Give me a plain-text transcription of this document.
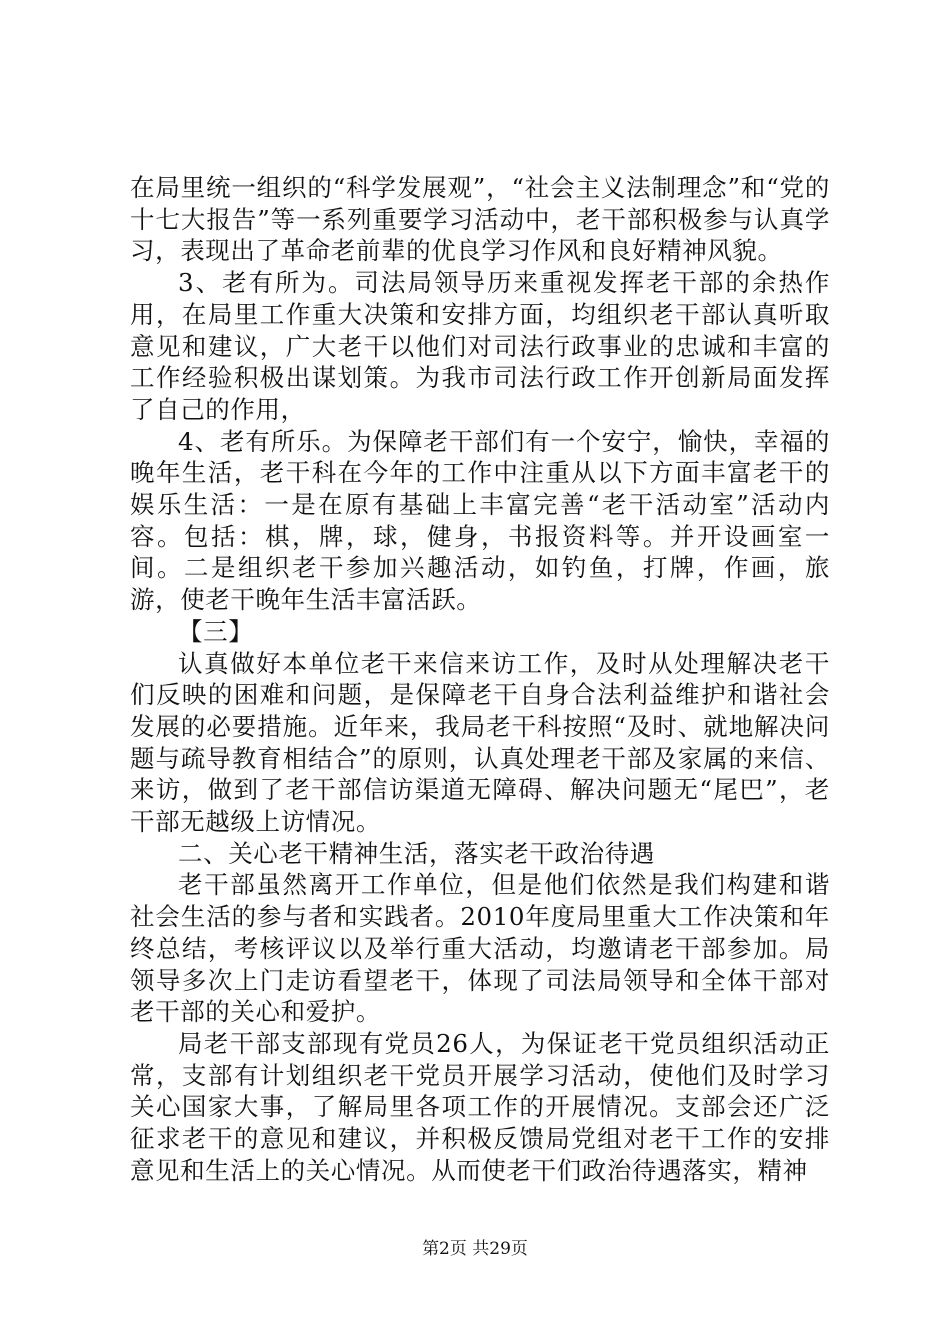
在局里统一组织的“科学发展观”，“社会主义法制理念”和“党的十七大报告”等一系列重要学习活动中，老干部积极参与认真学习，表现出了革命老前辈的优良学习作风和良好精神风貌。

3、老有所为。司法局领导历来重视发挥老干部的余热作用，在局里工作重大决策和安排方面，均组织老干部认真听取意见和建议，广大老干以他们对司法行政事业的忠诚和丰富的工作经验积极出谋划策。为我市司法行政工作开创新局面发挥了自己的作用，

4、老有所乐。为保障老干部们有一个安宁，愉快，幸福的晚年生活，老干科在今年的工作中注重从以下方面丰富老干的娱乐生活：一是在原有基础上丰富完善“老干活动室”活动内容。包括：棋，牌，球，健身，书报资料等。并开设画室一间。二是组织老干参加兴趣活动，如钓鱼，打牌，作画，旅游，使老干晚年生活丰富活跃。

【三】

认真做好本单位老干来信来访工作，及时从处理解决老干们反映的困难和问题，是保障老干自身合法利益维护和谐社会发展的必要措施。近年来，我局老干科按照“及时、就地解决问题与疏导教育相结合”的原则，认真处理老干部及家属的来信、来访，做到了老干部信访渠道无障碍、解决问题无“尾巴”，老干部无越级上访情况。

二、关心老干精神生活，落实老干政治待遇

老干部虽然离开工作单位，但是他们依然是我们构建和谐社会生活的参与者和实践者。2010年度局里重大工作决策和年终总结，考核评议以及举行重大活动，均邀请老干部参加。局领导多次上门走访看望老干，体现了司法局领导和全体干部对老干部的关心和爱护。

局老干部支部现有党员26人，为保证老干党员组织活动正常，支部有计划组织老干党员开展学习活动，使他们及时学习关心国家大事，了解局里各项工作的开展情况。支部会还广泛征求老干的意见和建议，并积极反馈局党组对老干工作的安排意见和生活上的关心情况。从而使老干们政治待遇落实，精神

第2页 共29页
